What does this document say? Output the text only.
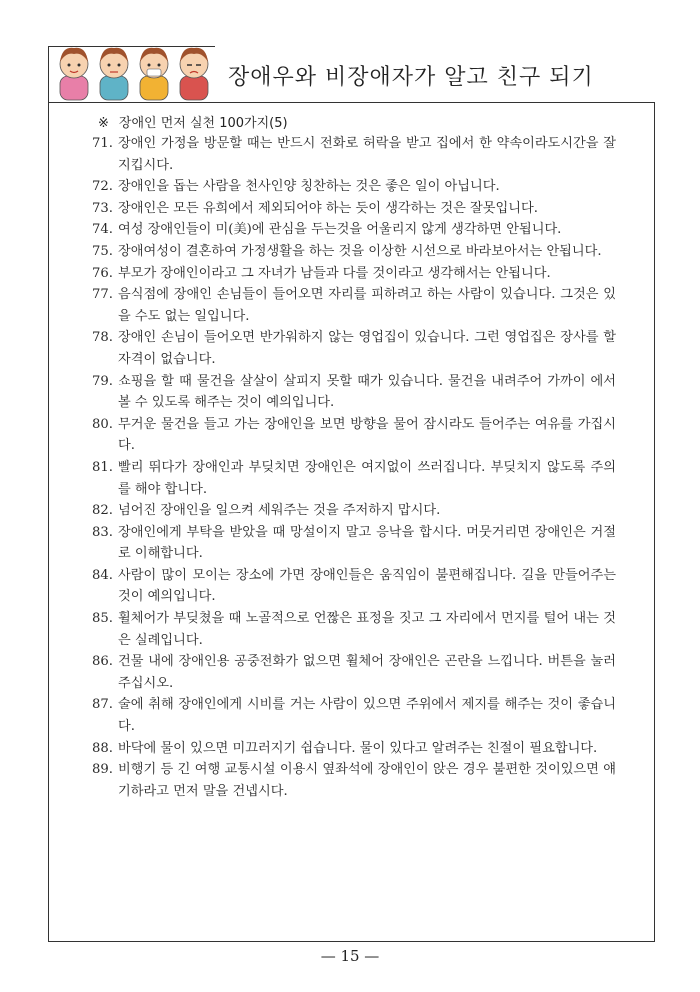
장애우와 비장애자가 알고 친구 되기
※ 장애인 먼저 실천 100가지(5)
71. 장애인 가정을 방문할 때는 반드시 전화로 허락을 받고 집에서 한 약속이라도시간을 잘 지킵시다.
72. 장애인을 돕는 사람을 천사인양 칭찬하는 것은 좋은 일이 아닙니다.
73. 장애인은 모든 유희에서 제외되어야 하는 듯이 생각하는 것은 잘못입니다.
74. 여성 장애인들이 미(美)에 관심을 두는것을 어울리지 않게 생각하면 안됩니다.
75. 장애여성이 결혼하여 가정생활을 하는 것을 이상한 시선으로 바라보아서는 안됩니다.
76. 부모가 장애인이라고 그 자녀가 남들과 다를 것이라고 생각해서는 안됩니다.
77. 음식점에 장애인 손님들이 들어오면 자리를 피하려고 하는 사람이 있습니다. 그것은 있을 수도 없는 일입니다.
78. 장애인 손님이 들어오면 반가워하지 않는 영업집이 있습니다. 그런 영업집은 장사를 할 자격이 없습니다.
79. 쇼핑을 할 때 물건을 살살이 살피지 못할 때가 있습니다. 물건을 내려주어 가까이 에서 볼 수 있도록 해주는 것이 예의입니다.
80. 무거운 물건을 들고 가는 장애인을 보면 방향을 물어 잠시라도 들어주는 여유를 가집시다.
81. 빨리 뛰다가 장애인과 부딪치면 장애인은 여지없이 쓰러집니다. 부딪치지 않도록 주의를 해야 합니다.
82. 넘어진 장애인을 일으켜 세워주는 것을 주저하지 맙시다.
83. 장애인에게 부탁을 받았을 때 망설이지 말고 응낙을 합시다. 머뭇거리면 장애인은 거절로 이해합니다.
84. 사람이 많이 모이는 장소에 가면 장애인들은 움직임이 불편해집니다. 길을 만들어주는 것이 예의입니다.
85. 휠체어가 부딪쳤을 때 노골적으로 언짢은 표정을 짓고 그 자리에서 먼지를 털어 내는 것은 실례입니다.
86. 건물 내에 장애인용 공중전화가 없으면 휠체어 장애인은 곤란을 느낍니다. 버튼을 눌러주십시오.
87. 술에 취해 장애인에게 시비를 거는 사람이 있으면 주위에서 제지를 해주는 것이 좋습니다.
88. 바닥에 물이 있으면 미끄러지기 쉽습니다. 물이 있다고 알려주는 친절이 필요합니다.
89. 비행기 등 긴 여행 교통시설 이용시 옆좌석에 장애인이 앉은 경우 불편한 것이있으면 얘기하라고 먼저 말을 건넵시다.
— 15 —
